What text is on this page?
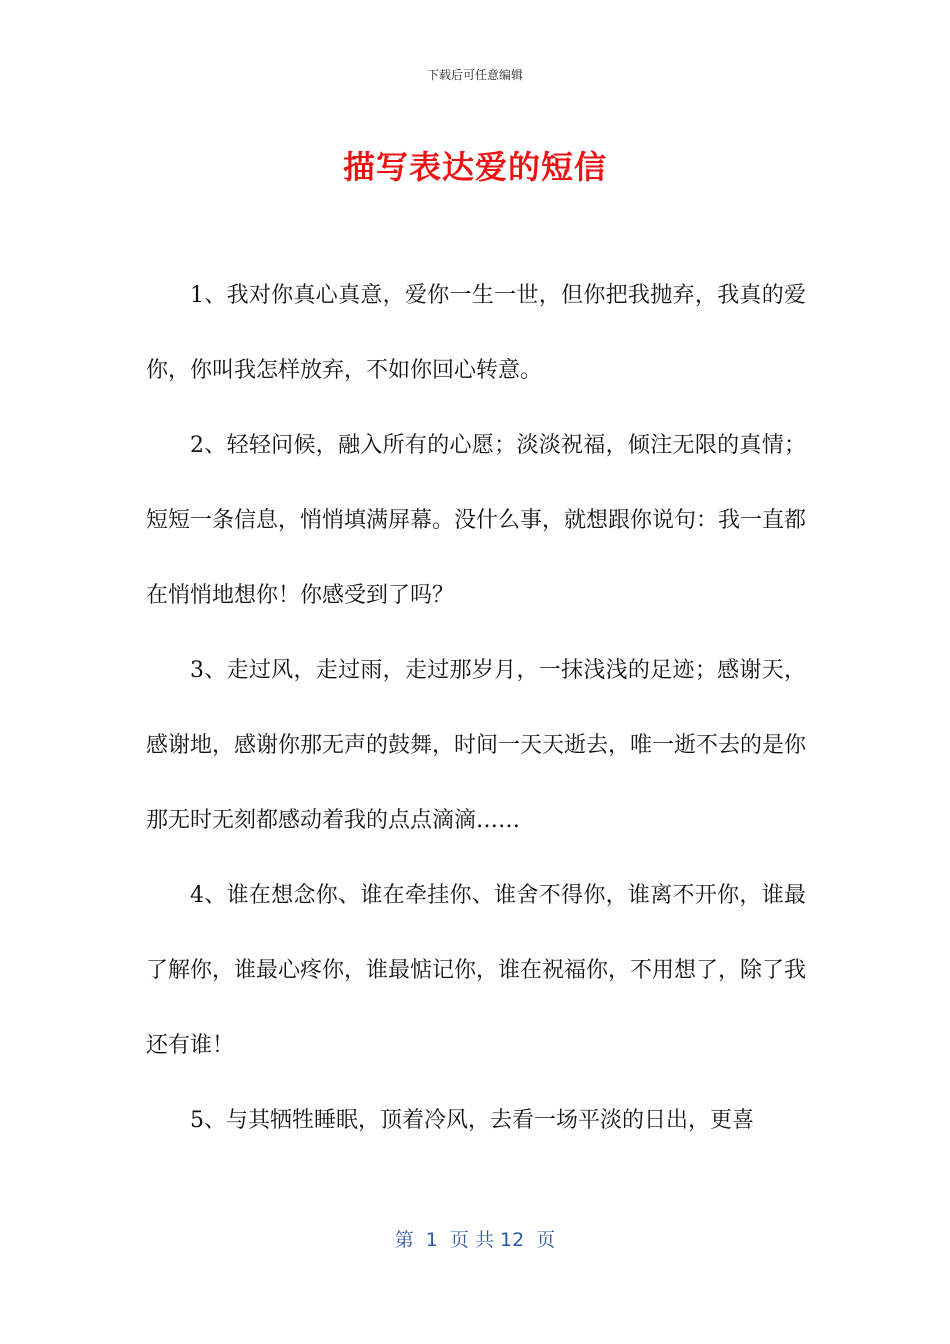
下载后可任意编辑
描写表达爱的短信

1、我对你真心真意，爱你一生一世，但你把我抛弃，我真的爱你，你叫我怎样放弃，不如你回心转意。

2、轻轻问候，融入所有的心愿；淡淡祝福，倾注无限的真情；短短一条信息，悄悄填满屏幕。没什么事，就想跟你说句：我一直都在悄悄地想你！你感受到了吗？

3、走过风，走过雨，走过那岁月，一抹浅浅的足迹；感谢天，感谢地，感谢你那无声的鼓舞，时间一天天逝去，唯一逝不去的是你那无时无刻都感动着我的点点滴滴……

4、谁在想念你、谁在牵挂你、谁舍不得你，谁离不开你，谁最了解你，谁最心疼你，谁最惦记你，谁在祝福你，不用想了，除了我还有谁！

5、与其牺牲睡眠，顶着冷风，去看一场平淡的日出，更喜

第  1  页 共 12  页
